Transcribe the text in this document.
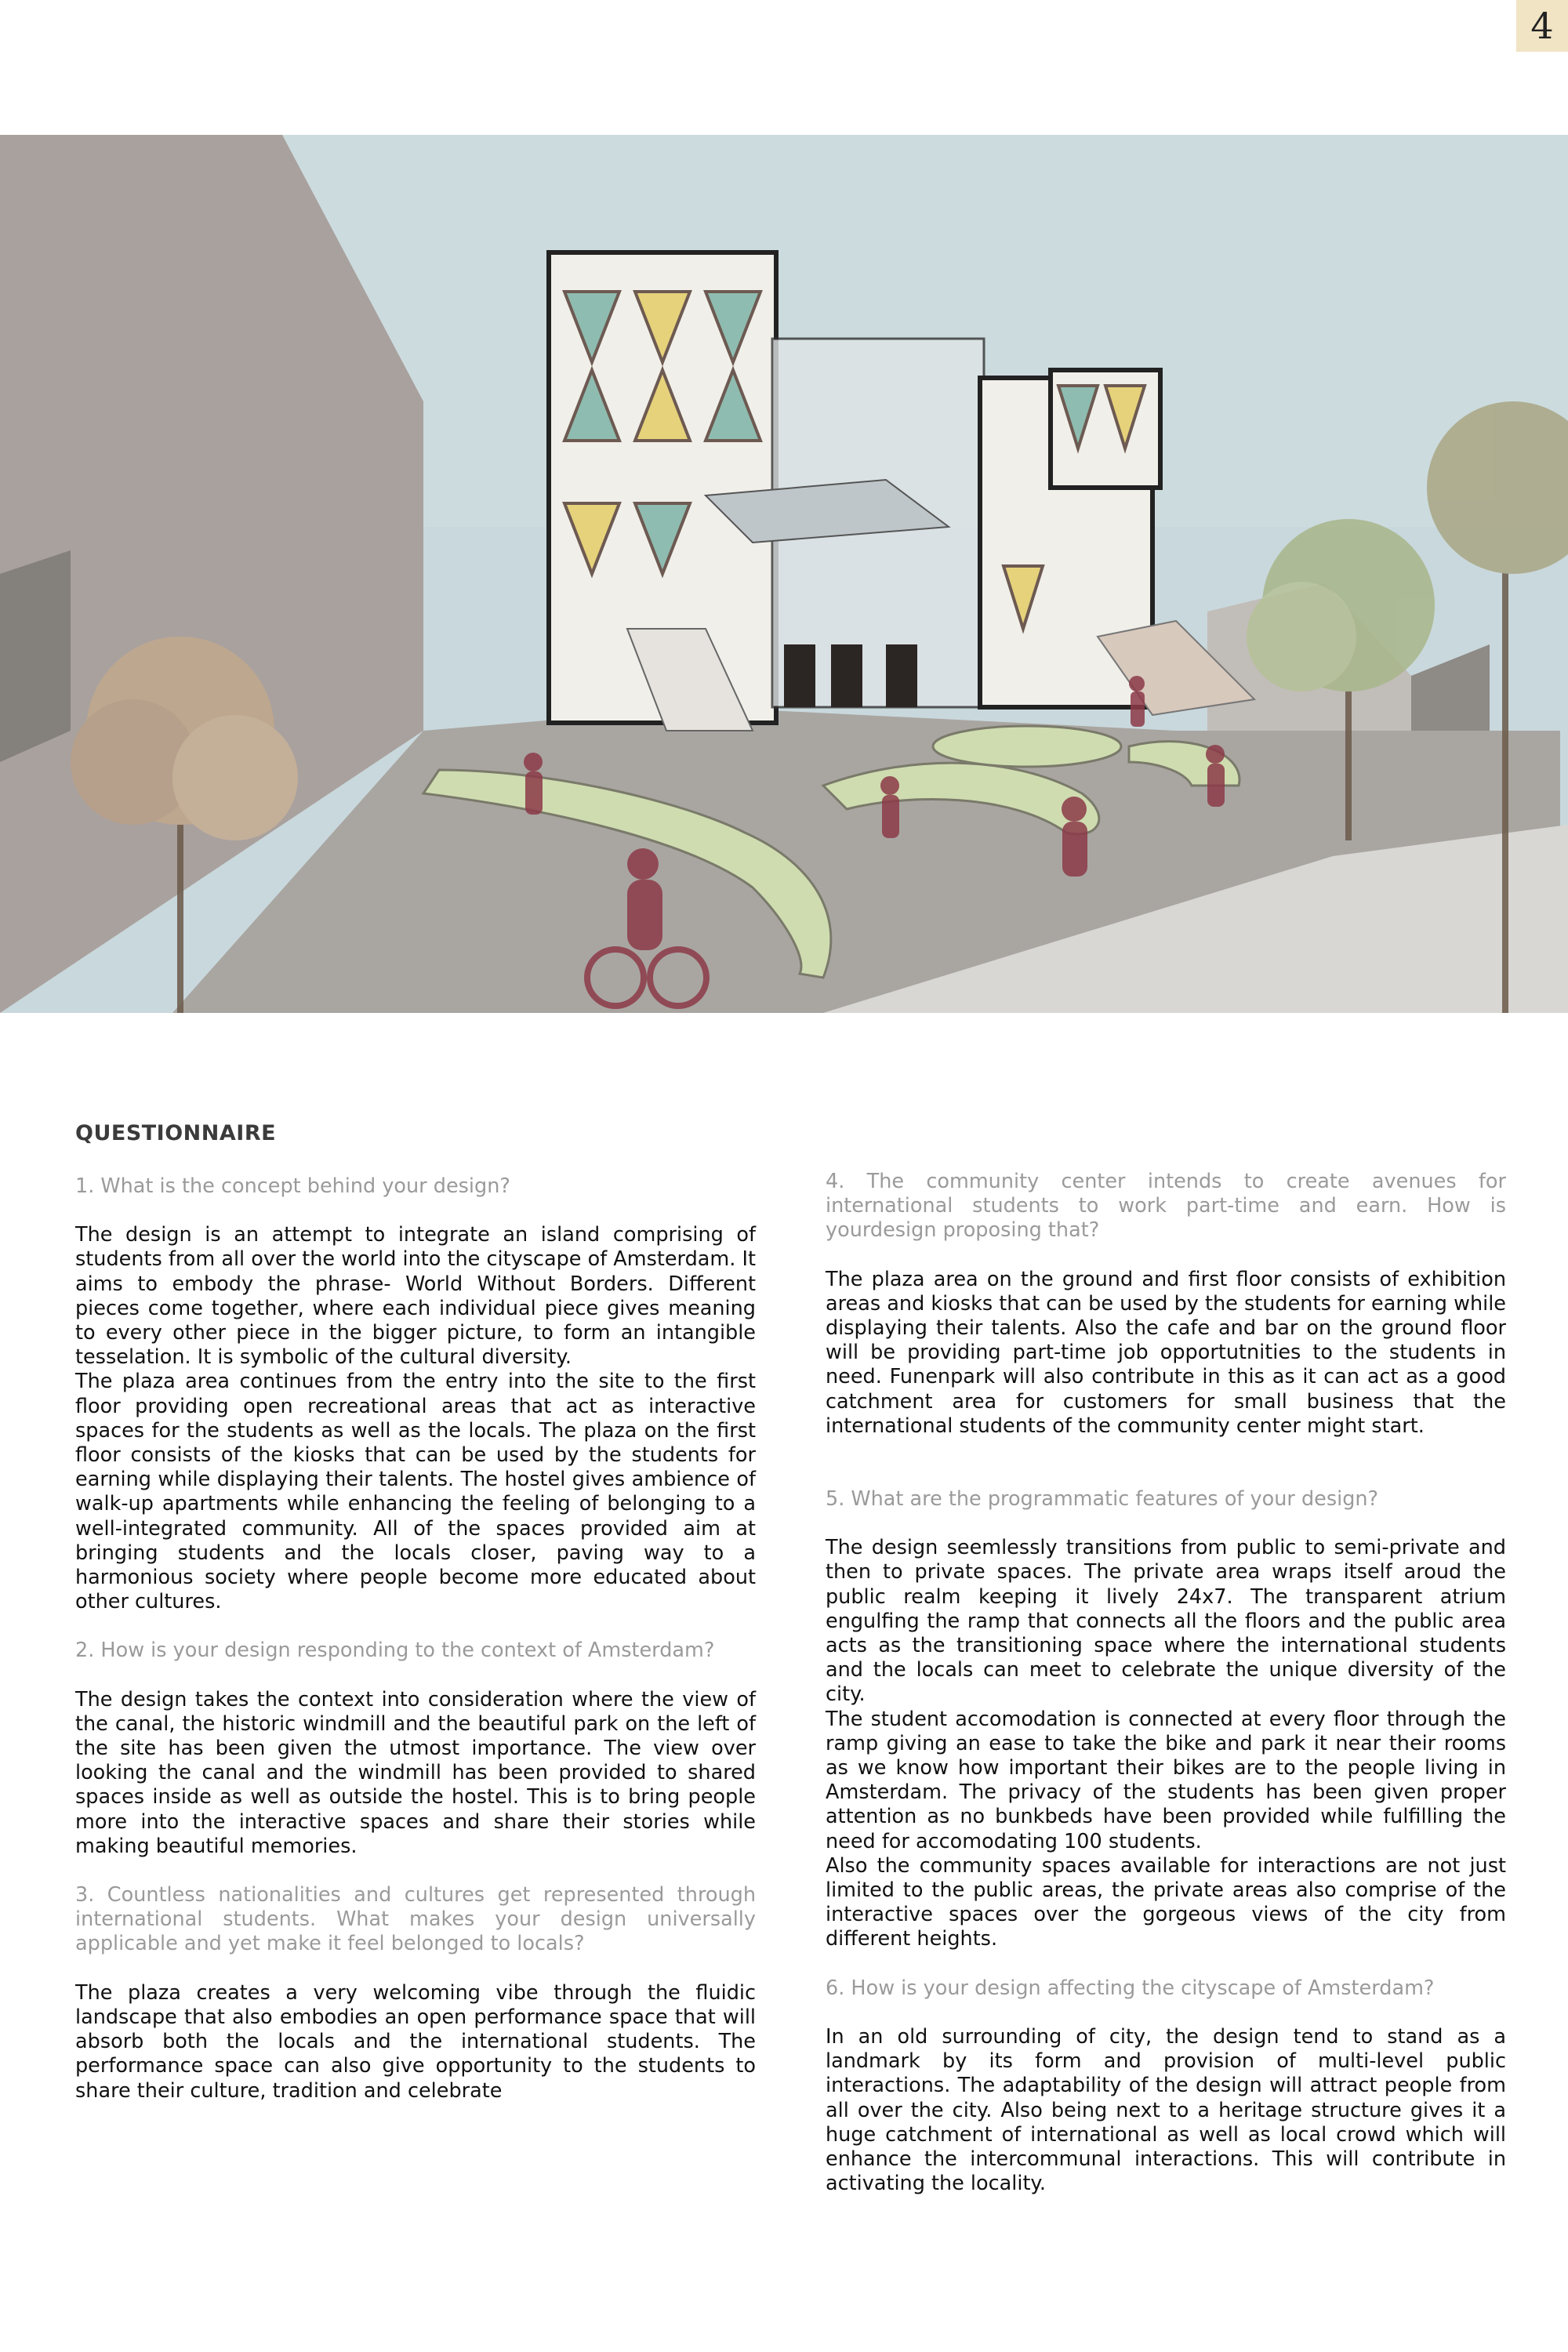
4
QUESTIONNAIRE

1. What is the concept behind your design?

The design is an attempt to integrate an island comprising of students from all over the world into the cityscape of Amsterdam. It aims to embody the phrase- World Without Borders. Different pieces come together, where each individual piece gives meaning to every other piece in the bigger picture, to form an intangible tesselation. It is symbolic of the cultural diversity.

The plaza area continues from the entry into the site to the first floor providing open recreational areas that act as interactive spaces for the students as well as the locals. The plaza on the first floor consists of the kiosks that can be used by the students for earning while displaying their talents. The hostel gives ambience of walk-up apartments while enhancing the feeling of belonging to a well-integrated community. All of the spaces provided aim at bringing students and the locals closer, paving way to a harmonious society where people become more educated about other cultures.

2. How is your design responding to the context of Amsterdam?

The design takes the context into consideration where the view of the canal, the historic windmill and the beautiful park on the left of the site has been given the utmost importance. The view over looking the canal and the windmill has been provided to shared spaces inside as well as outside the hostel. This is to bring people more into the interactive spaces and share their stories while making beautiful memories.

3. Countless nationalities and cultures get represented through international students. What makes your design universally applicable and yet make it feel belonged to locals?

The plaza creates a very welcoming vibe through the fluidic landscape that also embodies an open performance space that will absorb both the locals and the international students. The performance space can also give opportunity to the students to share their culture, tradition and celebrate

4. The community center intends to create avenues for international students to work part-time and earn. How is yourdesign proposing that?

The plaza area on the ground and first floor consists of exhibition areas and kiosks that can be used by the students for earning while displaying their talents. Also the cafe and bar on the ground floor will be providing part-time job opportutnities to the students in need. Funenpark will also contribute in this as it can act as a good catchment area for customers for small business that the international students of the community center might start.

5. What are the programmatic features of your design?

The design seemlessly transitions from public to semi-private and then to private spaces. The private area wraps itself aroud the public realm keeping it lively 24x7. The transparent atrium engulfing the ramp that connects all the floors and the public area acts as the transitioning space where the international students and the locals can meet to celebrate the unique diversity of the city.

The student accomodation is connected at every floor through the ramp giving an ease to take the bike and park it near their rooms as we know how important their bikes are to the people living in Amsterdam. The privacy of the students has been given proper attention as no bunkbeds have been provided while fulfilling the need for accomodating 100 students.

Also the community spaces available for interactions are not just limited to the public areas, the private areas also comprise of the interactive spaces over the gorgeous views of the city from different heights.

6. How is your design affecting the cityscape of Amsterdam?

In an old surrounding of city, the design tend to stand as a landmark by its form and provision of multi-level public interactions. The adaptability of the design will attract people from all over the city. Also being next to a heritage structure gives it a huge catchment of international as well as local crowd which will enhance the intercommunal interactions. This will contribute in activating the locality.
